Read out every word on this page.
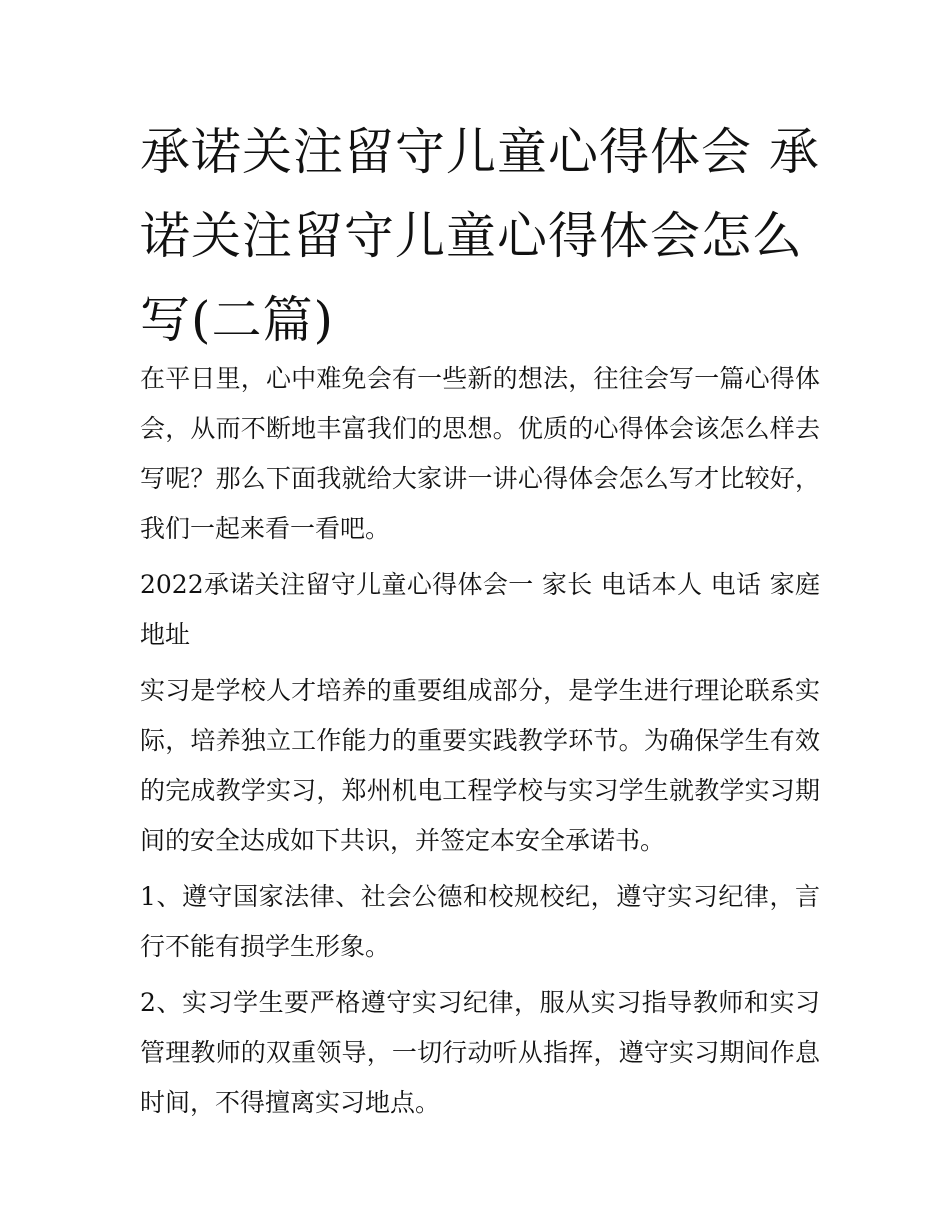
承诺关注留守儿童心得体会 承诺关注留守儿童心得体会怎么写(二篇)

在平日里，心中难免会有一些新的想法，往往会写一篇心得体会，从而不断地丰富我们的思想。优质的心得体会该怎么样去写呢？那么下面我就给大家讲一讲心得体会怎么写才比较好，我们一起来看一看吧。

2022承诺关注留守儿童心得体会一 家长 电话本人 电话 家庭地址

实习是学校人才培养的重要组成部分，是学生进行理论联系实际，培养独立工作能力的重要实践教学环节。为确保学生有效的完成教学实习，郑州机电工程学校与实习学生就教学实习期间的安全达成如下共识，并签定本安全承诺书。

1、遵守国家法律、社会公德和校规校纪，遵守实习纪律，言行不能有损学生形象。

2、实习学生要严格遵守实习纪律，服从实习指导教师和实习管理教师的双重领导，一切行动听从指挥，遵守实习期间作息时间，不得擅离实习地点。
